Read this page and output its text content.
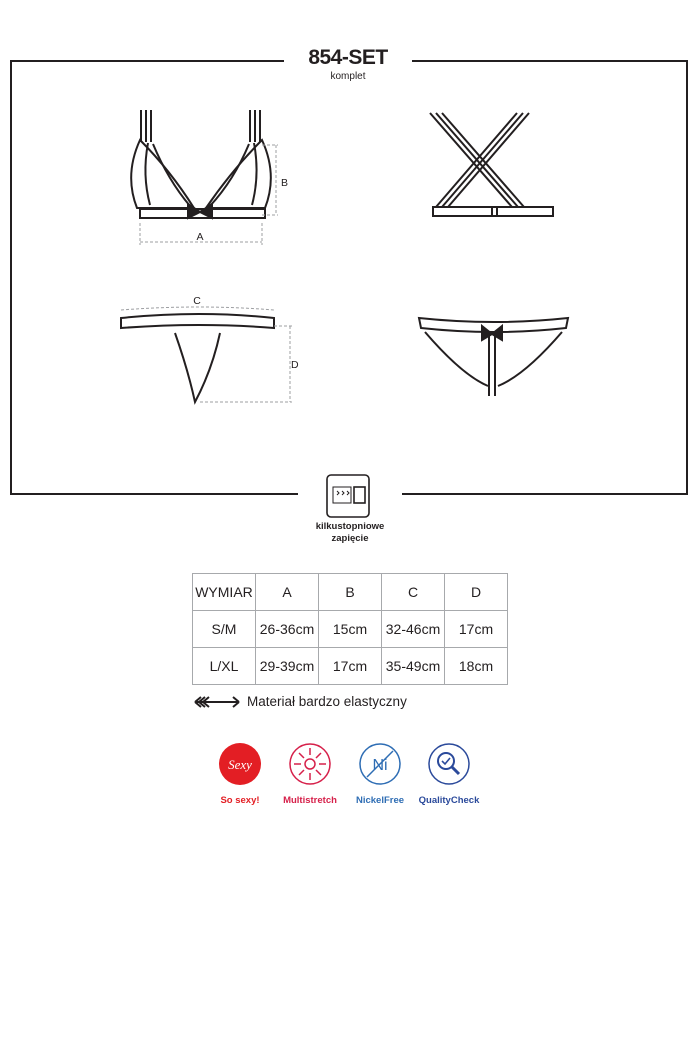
854-SET
komplet
A
B
C
D
kilkustopniowe
zapięcie
WYMIAR	A	B	C	D
S/M	26-36cm	15cm	32-46cm	17cm
L/XL	29-39cm	17cm	35-49cm	18cm
Materiał bardzo elastyczny
Sexy
So sexy!	Multistretch
Ni
NickelFree	QualityCheck
